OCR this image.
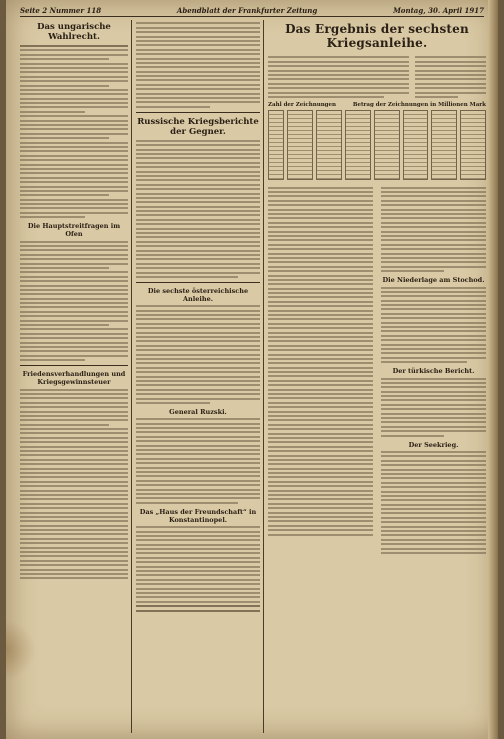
Seite 2 Nummer 118	Abendblatt der Frankfurter Zeitung	Montag, 30. April 1917
Das ungarische Wahlrecht.
Die Hauptstreitfragen im Ofen
Friedensverhandlungen und Kriegsgewinnsteuer
Russische Kriegsberichte der Gegner.
Die sechste österreichische Anleihe.
General Ruzski.
Das „Haus der Freundschaft“ in Konstantinopel.
Das Ergebnis der sechsten Kriegsanleihe.
Zahl der Zeichnungen	Betrag der Zeichnungen in Millionen Mark
Die Niederlage am Stochod.
Der türkische Bericht.
Der Seekrieg.
